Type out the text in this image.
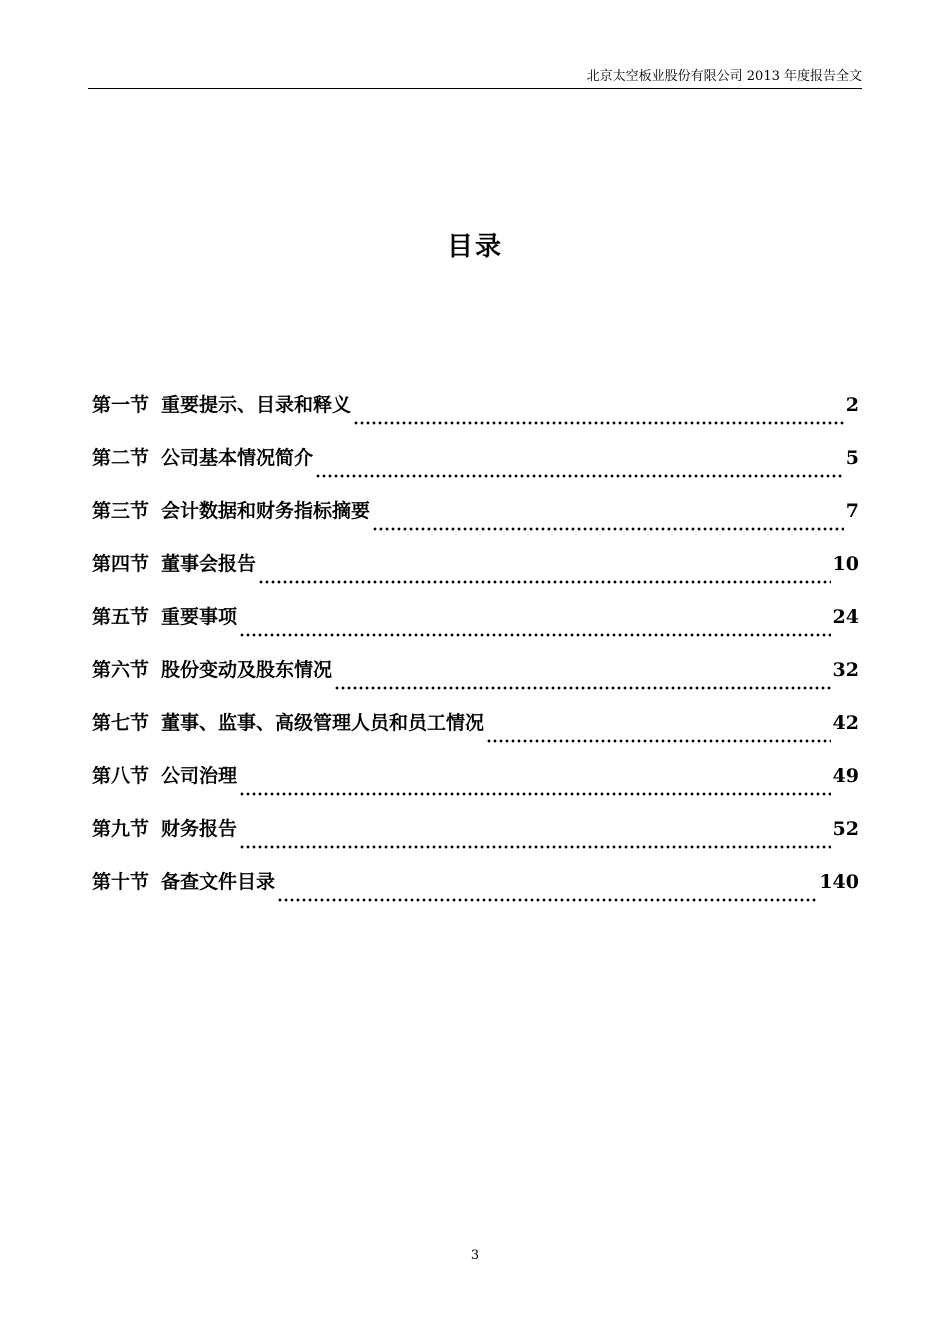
北京太空板业股份有限公司 2013 年度报告全文
目录
第一节 重要提示、目录和释义	2
第二节 公司基本情况简介	5
第三节 会计数据和财务指标摘要	7
第四节 董事会报告	10
第五节 重要事项	24
第六节 股份变动及股东情况	32
第七节 董事、监事、高级管理人员和员工情况	42
第八节 公司治理	49
第九节 财务报告	52
第十节 备查文件目录	140
3
